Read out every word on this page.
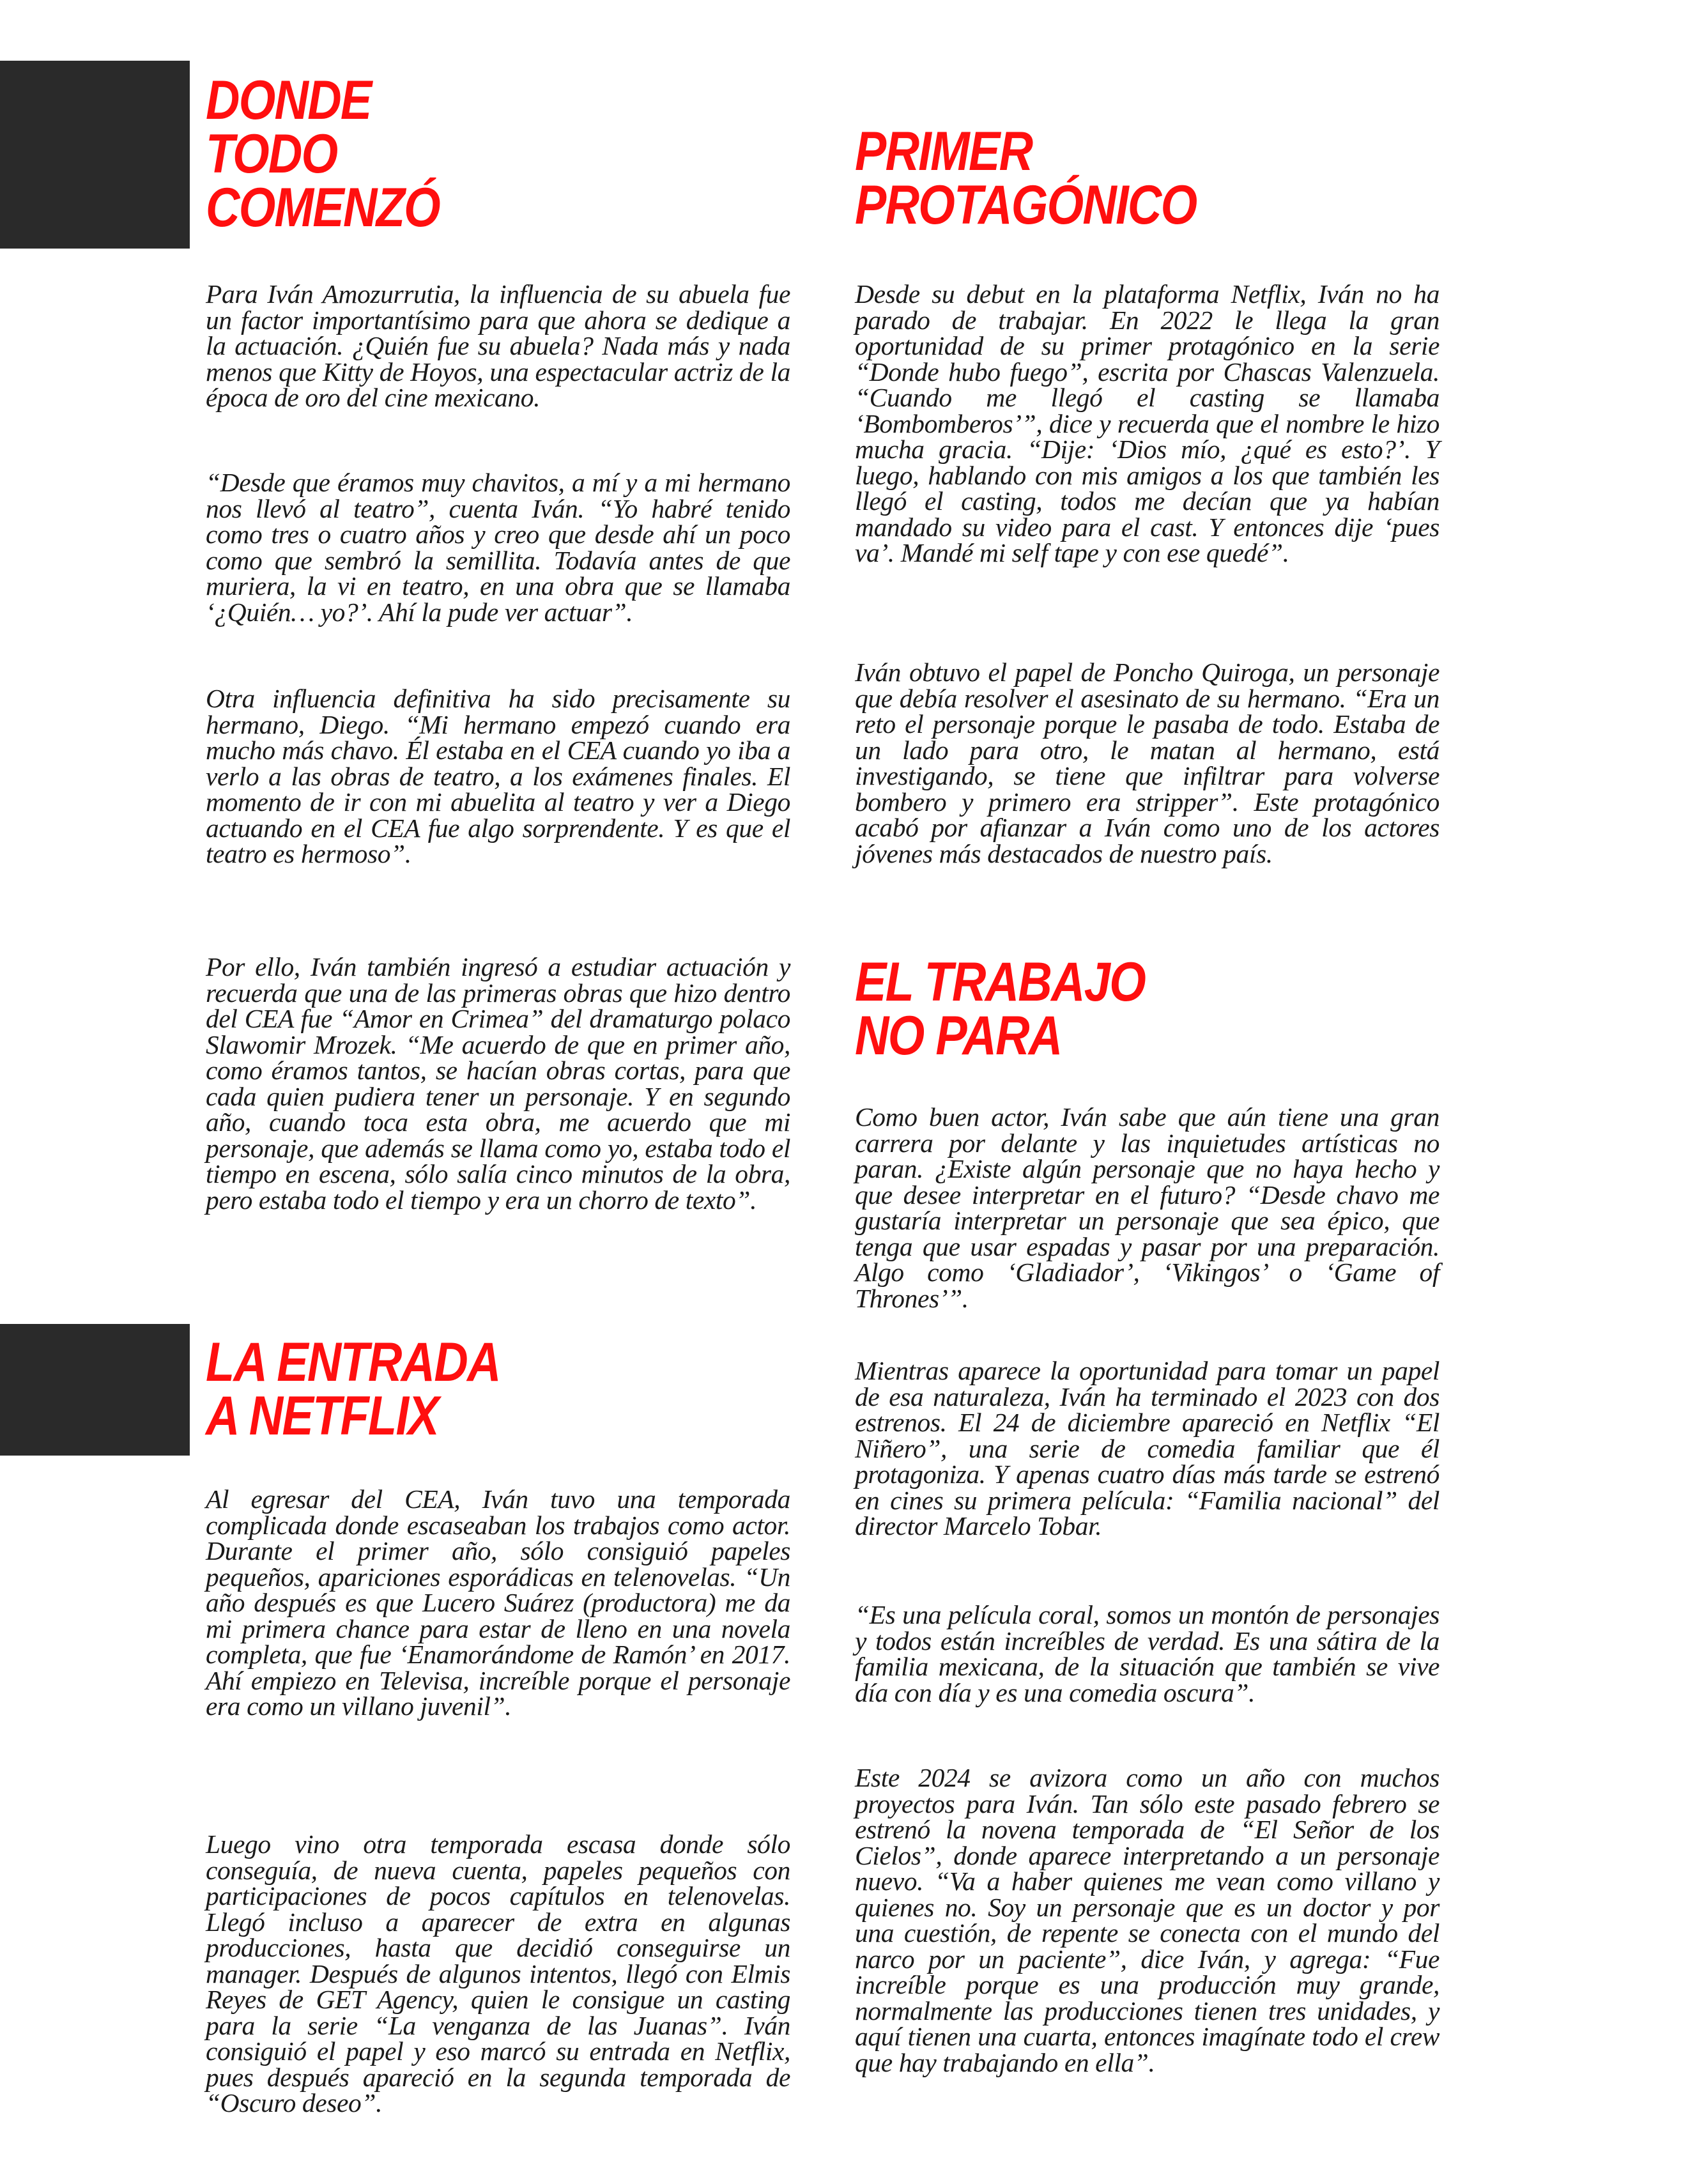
DONDE
TODO
COMENZÓ

Para Iván Amozurrutia, la influencia de su abuela fue un factor importantísimo para que ahora se dedique a la actuación. ¿Quién fue su abuela? Nada más y nada menos que Kitty de Hoyos, una espectacular actriz de la época de oro del cine mexicano.

“Desde que éramos muy chavitos, a mí y a mi hermano nos llevó al teatro”, cuenta Iván. “Yo habré tenido como tres o cuatro años y creo que desde ahí un poco como que sembró la semillita. Todavía antes de que muriera, la vi en teatro, en una obra que se llamaba ‘¿Quién… yo?’. Ahí la pude ver actuar”.

Otra influencia definitiva ha sido precisamente su hermano, Diego. “Mi hermano empezó cuando era mucho más chavo. Él estaba en el CEA cuando yo iba a verlo a las obras de teatro, a los exámenes finales. El momento de ir con mi abuelita al teatro y ver a Diego actuando en el CEA fue algo sorprendente. Y es que el teatro es hermoso”.

Por ello, Iván también ingresó a estudiar actuación y recuerda que una de las primeras obras que hizo dentro del CEA fue “Amor en Crimea” del dramaturgo polaco Slawomir Mrozek. “Me acuerdo de que en primer año, como éramos tantos, se hacían obras cortas, para que cada quien pudiera tener un personaje. Y en segundo año, cuando toca esta obra, me acuerdo que mi personaje, que además se llama como yo, estaba todo el tiempo en escena, sólo salía cinco minutos de la obra, pero estaba todo el tiempo y era un chorro de texto”.

LA ENTRADA
A NETFLIX

Al egresar del CEA, Iván tuvo una temporada complicada donde escaseaban los trabajos como actor. Durante el primer año, sólo consiguió papeles pequeños, apariciones esporádicas en telenovelas. “Un año después es que Lucero Suárez (productora) me da mi primera chance para estar de lleno en una novela completa, que fue ‘Enamorándome de Ramón’ en 2017. Ahí empiezo en Televisa, increíble porque el personaje era como un villano juvenil”.

Luego vino otra temporada escasa donde sólo conseguía, de nueva cuenta, papeles pequeños con participaciones de pocos capítulos en telenovelas. Llegó incluso a aparecer de extra en algunas producciones, hasta que decidió conseguirse un manager. Después de algunos intentos, llegó con Elmis Reyes de GET Agency, quien le consigue un casting para la serie “La venganza de las Juanas”. Iván consiguió el papel y eso marcó su entrada en Netflix, pues después apareció en la segunda temporada de “Oscuro deseo”.

PRIMER
PROTAGÓNICO

Desde su debut en la plataforma Netflix, Iván no ha parado de trabajar. En 2022 le llega la gran oportunidad de su primer protagónico en la serie “Donde hubo fuego”, escrita por Chascas Valenzuela. “Cuando me llegó el casting se llamaba ‘Bombomberos’”, dice y recuerda que el nombre le hizo mucha gracia. “Dije: ‘Dios mío, ¿qué es esto?’. Y luego, hablando con mis amigos a los que también les llegó el casting, todos me decían que ya habían mandado su video para el cast. Y entonces dije ‘pues va’. Mandé mi self tape y con ese quedé”.

Iván obtuvo el papel de Poncho Quiroga, un personaje que debía resolver el asesinato de su hermano. “Era un reto el personaje porque le pasaba de todo. Estaba de un lado para otro, le matan al hermano, está investigando, se tiene que infiltrar para volverse bombero y primero era stripper”. Este protagónico acabó por afianzar a Iván como uno de los actores jóvenes más destacados de nuestro país.

EL TRABAJO
NO PARA

Como buen actor, Iván sabe que aún tiene una gran carrera por delante y las inquietudes artísticas no paran. ¿Existe algún personaje que no haya hecho y que desee interpretar en el futuro? “Desde chavo me gustaría interpretar un personaje que sea épico, que tenga que usar espadas y pasar por una preparación. Algo como ‘Gladiador’, ‘Vikingos’ o ‘Game of Thrones’”.

Mientras aparece la oportunidad para tomar un papel de esa naturaleza, Iván ha terminado el 2023 con dos estrenos. El 24 de diciembre apareció en Netflix “El Niñero”, una serie de comedia familiar que él protagoniza. Y apenas cuatro días más tarde se estrenó en cines su primera película: “Familia nacional” del director Marcelo Tobar.

“Es una película coral, somos un montón de personajes y todos están increíbles de verdad. Es una sátira de la familia mexicana, de la situación que también se vive día con día y es una comedia oscura”.

Este 2024 se avizora como un año con muchos proyectos para Iván. Tan sólo este pasado febrero se estrenó la novena temporada de “El Señor de los Cielos”, donde aparece interpretando a un personaje nuevo. “Va a haber quienes me vean como villano y quienes no. Soy un personaje que es un doctor y por una cuestión, de repente se conecta con el mundo del narco por un paciente”, dice Iván, y agrega: “Fue increíble porque es una producción muy grande, normalmente las producciones tienen tres unidades, y aquí tienen una cuarta, entonces imagínate todo el crew que hay trabajando en ella”.
